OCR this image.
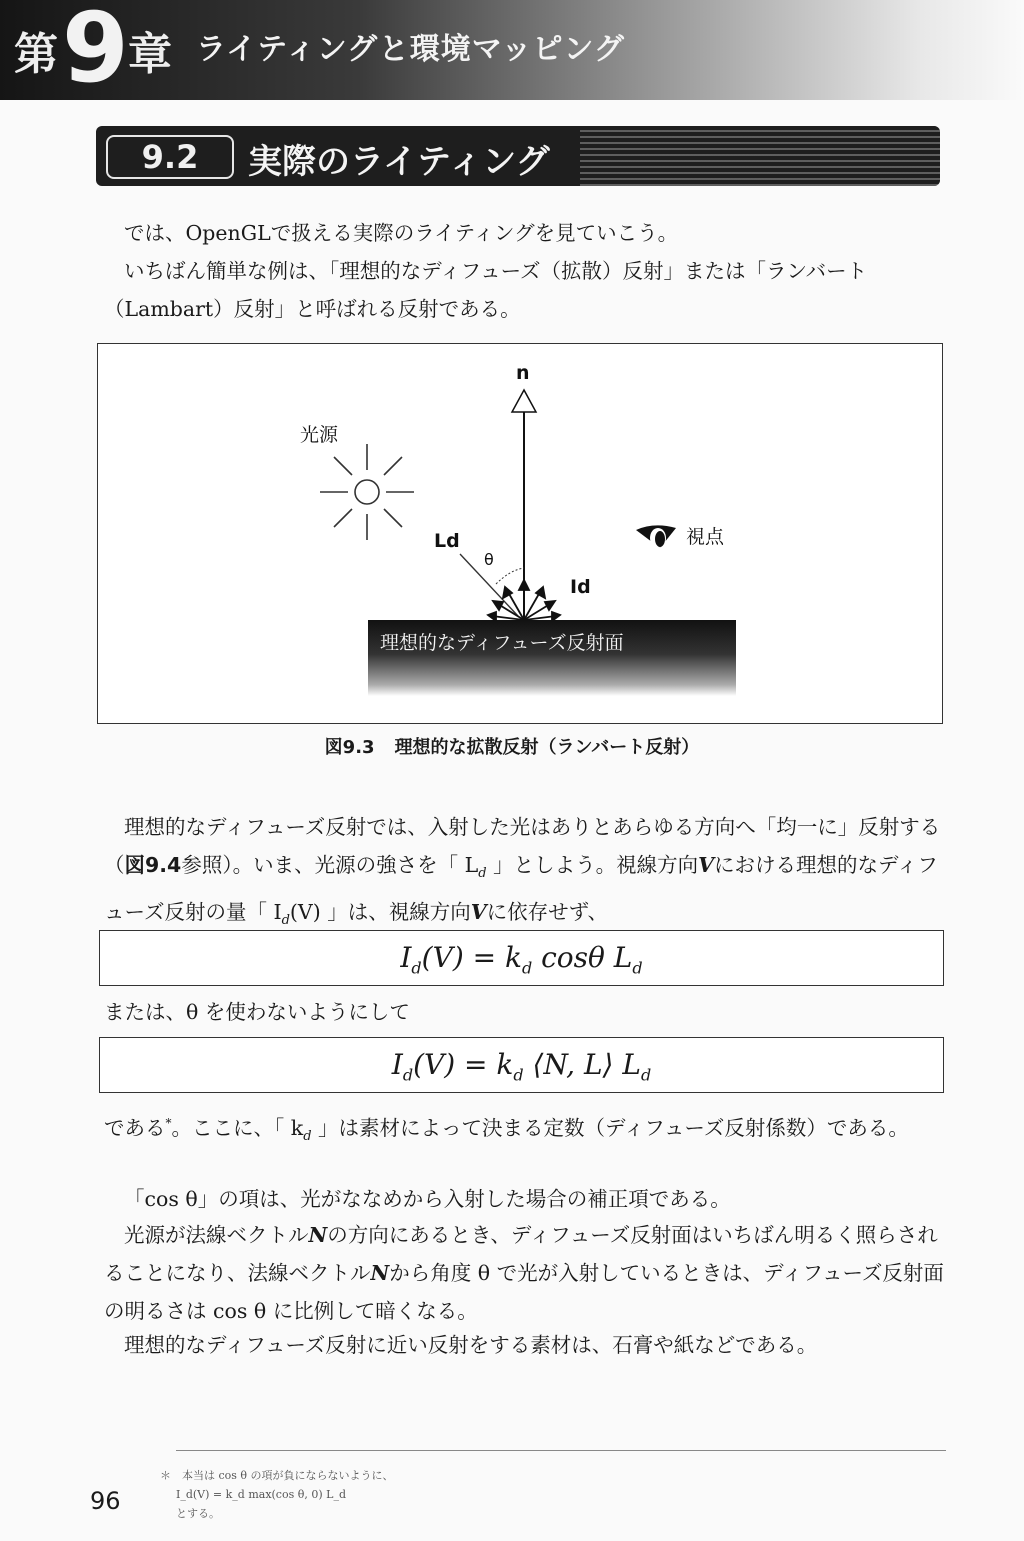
第 9 章 ライティングと環境マッピング
9.2	実際のライティング

では、OpenGLで扱える実際のライティングを見ていこう。

いちばん簡単な例は、「理想的なディフューズ（拡散）反射」または「ランバート（Lambart）反射」と呼ばれる反射である。

n
光源
Ld
θ
Id
視点
理想的なディフューズ反射面
図9.3 理想的な拡散反射（ランバート反射）

理想的なディフューズ反射では、入射した光はありとあらゆる方向へ「均一に」反射する（図9.4参照）。いま、光源の強さを「 $L_d$ 」としよう。視線方向Vにおける理想的なディフューズ反射の量「 $I_d(V)$ 」は、視線方向Vに依存せず、

$I_d(V) = k_d$ cosθ $L_d$

または、θ を使わないようにして

$I_d(V) = k_d$ ⟨N, L⟩ $L_d$

である*。ここに、「 $k_d$ 」は素材によって決まる定数（ディフューズ反射係数）である。

「cos θ」の項は、光がななめから入射した場合の補正項である。

光源が法線ベクトルNの方向にあるとき、ディフューズ反射面はいちばん明るく照らされることになり、法線ベクトルNから角度 θ で光が入射しているときは、ディフューズ反射面の明るさは cos θ に比例して暗くなる。

理想的なディフューズ反射に近い反射をする素材は、石膏や紙などである。

96
＊　本当は cos θ の項が負にならないように、
I_d(V) = k_d max(cos θ, 0) L_d
とする。
